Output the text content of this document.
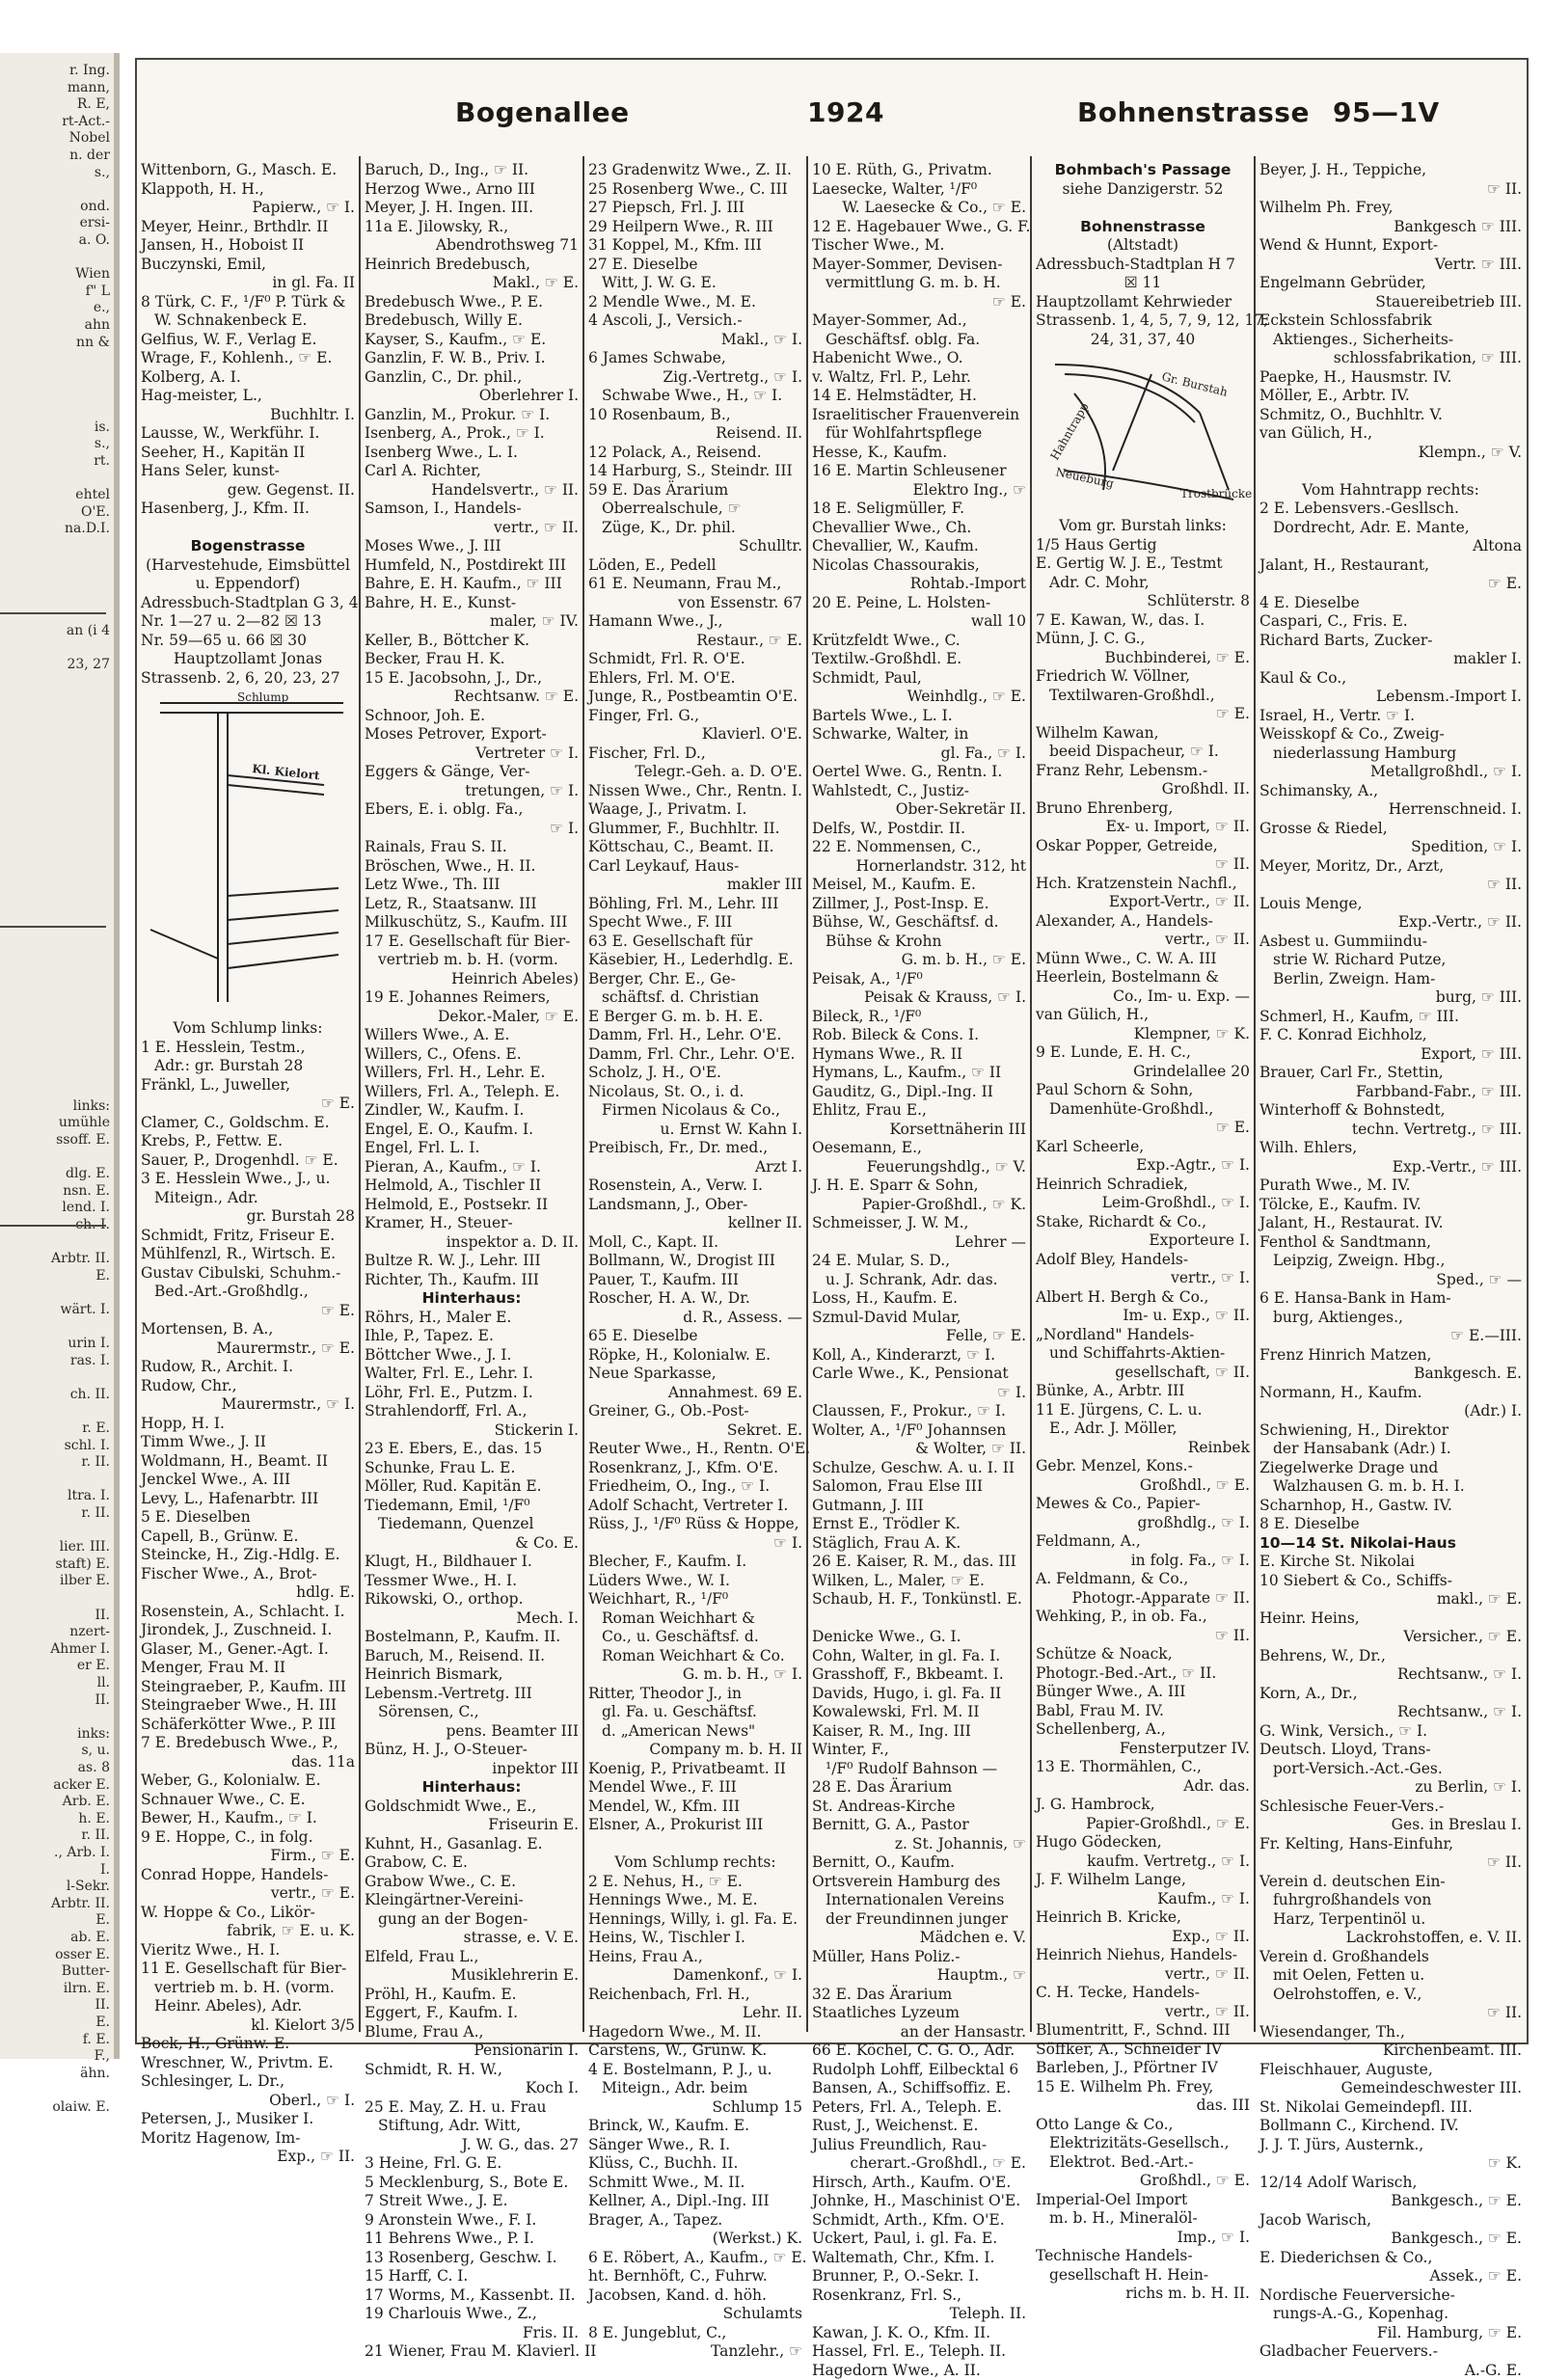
r. Ing.
mann,
R. E,
rt-Act.-
Nobel
n. der
s.,
ond.
ersi-
a. O.
Wien
f" L
e.,
ahn
nn &
is.
s.,
rt.
ehtel
O'E.
na.D.I.
an (i 4
23, 27
links:
umühle
ssoff. E.
dlg. E.
nsn. E.
lend. I.
ch. I.
Arbtr. II.
E.
wärt. I.
urin I.
ras. I.
ch. II.
r. E.
schl. I.
r. II.
ltra. I.
r. II.
lier. III.
staft) E.
ilber E.
II.
nzert-
Ahmer I.
er E.
ll.
II.
inks:
s, u.
as. 8
acker E.
Arb. E.
h. E.
r. II.
., Arb. I.
I.
l-Sekr.
Arbtr. II.
E.
ab. E.
osser E.
Butter-
ilrn. E.
II.
E.
f. E.
F.,
ähn.
olaiw. E.
Bogenallee	1924	Bohnenstrasse 95—1V
Wittenborn, G., Masch. E.
Klappoth, H. H.,
Papierw., ☞ I.
Meyer, Heinr., Brthdlr. II
Jansen, H., Hoboist II
Buczynski, Emil,
in gl. Fa. II
8 Türk, C. F., ¹/F⁰ P. Türk &
W. Schnakenbeck E.
Gelfius, W. F., Verlag E.
Wrage, F., Kohlenh., ☞ E.
Kolberg, A. I.
Hag-meister, L.,
Buchhltr. I.
Lausse, W., Werkführ. I.
Seeher, H., Kapitän II
Hans Seler, kunst-
gew. Gegenst. II.
Hasenberg, J., Kfm. II.

Bogenstrasse
(Harvestehude, Eimsbüttel
u. Eppendorf)
Adressbuch-Stadtplan G 3, 4
Nr. 1—27 u. 2—82 ☒ 13
Nr. 59—65 u. 66 ☒ 30
Hauptzollamt Jonas
Strassenb. 2, 6, 20, 23, 27
Schlump
Kl. Kielort
Vom Schlump links:
1 E. Hesslein, Testm.,
Adr.: gr. Burstah 28
Fränkl, L., Juweller,
☞ E.
Clamer, C., Goldschm. E.
Krebs, P., Fettw. E.
Sauer, P., Drogenhdl. ☞ E.
3 E. Hesslein Wwe., J., u.
Miteign., Adr.
gr. Burstah 28
Schmidt, Fritz, Friseur E.
Mühlfenzl, R., Wirtsch. E.
Gustav Cibulski, Schuhm.-
Bed.-Art.-Großhdlg.,
☞ E.
Mortensen, B. A.,
Maurermstr., ☞ E.
Rudow, R., Archit. I.
Rudow, Chr.,
Maurermstr., ☞ I.
Hopp, H. I.
Timm Wwe., J. II
Woldmann, H., Beamt. II
Jenckel Wwe., A. III
Levy, L., Hafenarbtr. III
5 E. Dieselben
Capell, B., Grünw. E.
Steincke, H., Zig.-Hdlg. E.
Fischer Wwe., A., Brot-
hdlg. E.
Rosenstein, A., Schlacht. I.
Jirondek, J., Zuschneid. I.
Glaser, M., Gener.-Agt. I.
Menger, Frau M. II
Steingraeber, P., Kaufm. III
Steingraeber Wwe., H. III
Schäferkötter Wwe., P. III
7 E. Bredebusch Wwe., P.,
das. 11a
Weber, G., Kolonialw. E.
Schnauer Wwe., C. E.
Bewer, H., Kaufm., ☞ I.
9 E. Hoppe, C., in folg.
Firm., ☞ E.
Conrad Hoppe, Handels-
vertr., ☞ E.
W. Hoppe & Co., Likör-
fabrik, ☞ E. u. K.
Vieritz Wwe., H. I.
11 E. Gesellschaft für Bier-
vertrieb m. b. H. (vorm.
Heinr. Abeles), Adr.
kl. Kielort 3/5
Bock, H., Grünw. E.
Wreschner, W., Privtm. E.
Schlesinger, L. Dr.,
Oberl., ☞ I.
Petersen, J., Musiker I.
Moritz Hagenow, Im-
Exp., ☞ II.
Baruch, D., Ing., ☞ II.
Herzog Wwe., Arno III
Meyer, J. H. Ingen. III.
11a E. Jilowsky, R.,
Abendrothsweg 71
Heinrich Bredebusch,
Makl., ☞ E.
Bredebusch Wwe., P. E.
Bredebusch, Willy E.
Kayser, S., Kaufm., ☞ E.
Ganzlin, F. W. B., Priv. I.
Ganzlin, C., Dr. phil.,
Oberlehrer I.
Ganzlin, M., Prokur. ☞ I.
Isenberg, A., Prok., ☞ I.
Isenberg Wwe., L. I.
Carl A. Richter,
Handelsvertr., ☞ II.
Samson, I., Handels-
vertr., ☞ II.
Moses Wwe., J. III
Humfeld, N., Postdirekt III
Bahre, E. H. Kaufm., ☞ III
Bahre, H. E., Kunst-
maler, ☞ IV.
Keller, B., Böttcher K.
Becker, Frau H. K.
15 E. Jacobsohn, J., Dr.,
Rechtsanw. ☞ E.
Schnoor, Joh. E.
Moses Petrover, Export-
Vertreter ☞ I.
Eggers & Gänge, Ver-
tretungen, ☞ I.
Ebers, E. i. oblg. Fa.,
☞ I.
Rainals, Frau S. II.
Bröschen, Wwe., H. II.
Letz Wwe., Th. III
Letz, R., Staatsanw. III
Milkuschütz, S., Kaufm. III
17 E. Gesellschaft für Bier-
vertrieb m. b. H. (vorm.
Heinrich Abeles)
19 E. Johannes Reimers,
Dekor.-Maler, ☞ E.
Willers Wwe., A. E.
Willers, C., Ofens. E.
Willers, Frl. H., Lehr. E.
Willers, Frl. A., Teleph. E.
Zindler, W., Kaufm. I.
Engel, E. O., Kaufm. I.
Engel, Frl. L. I.
Pieran, A., Kaufm., ☞ I.
Helmold, A., Tischler II
Helmold, E., Postsekr. II
Kramer, H., Steuer-
inspektor a. D. II.
Bultze R. W. J., Lehr. III
Richter, Th., Kaufm. III
Hinterhaus:
Röhrs, H., Maler E.
Ihle, P., Tapez. E.
Böttcher Wwe., J. I.
Walter, Frl. E., Lehr. I.
Löhr, Frl. E., Putzm. I.
Strahlendorff, Frl. A.,
Stickerin I.
23 E. Ebers, E., das. 15
Schunke, Frau L. E.
Möller, Rud. Kapitän E.
Tiedemann, Emil, ¹/F⁰
Tiedemann, Quenzel
& Co. E.
Klugt, H., Bildhauer I.
Tessmer Wwe., H. I.
Rikowski, O., orthop.
Mech. I.
Bostelmann, P., Kaufm. II.
Baruch, M., Reisend. II.
Heinrich Bismark,
Lebensm.-Vertretg. III
Sörensen, C.,
pens. Beamter III
Bünz, H. J., O-Steuer-
inpektor III
Hinterhaus:
Goldschmidt Wwe., E.,
Friseurin E.
Kuhnt, H., Gasanlag. E.
Grabow, C. E.
Grabow Wwe., C. E.
Kleingärtner-Vereini-
gung an der Bogen-
strasse, e. V. E.
Elfeld, Frau L.,
Musiklehrerin E.
Pröhl, H., Kaufm. E.
Eggert, F., Kaufm. I.
Blume, Frau A.,
Pensionärin I.
Schmidt, R. H. W.,
Koch I.
25 E. May, Z. H. u. Frau
Stiftung, Adr. Witt,
J. W. G., das. 27
3 Heine, Frl. G. E.
5 Mecklenburg, S., Bote E.
7 Streit Wwe., J. E.
9 Aronstein Wwe., F. I.
11 Behrens Wwe., P. I.
13 Rosenberg, Geschw. I.
15 Harff, C. I.
17 Worms, M., Kassenbt. II.
19 Charlouis Wwe., Z.,
Fris. II.
21 Wiener, Frau M. Klavierl. II
23 Gradenwitz Wwe., Z. II.
25 Rosenberg Wwe., C. III
27 Piepsch, Frl. J. III
29 Heilpern Wwe., R. III
31 Koppel, M., Kfm. III
27 E. Dieselbe
Witt, J. W. G. E.
2 Mendle Wwe., M. E.
4 Ascoli, J., Versich.-
Makl., ☞ I.
6 James Schwabe,
Zig.-Vertretg., ☞ I.
Schwabe Wwe., H., ☞ I.
10 Rosenbaum, B.,
Reisend. II.
12 Polack, A., Reisend.
14 Harburg, S., Steindr. III
59 E. Das Ärarium
Oberrealschule, ☞
Züge, K., Dr. phil.
Schulltr.
Löden, E., Pedell
61 E. Neumann, Frau M.,
von Essenstr. 67
Hamann Wwe., J.,
Restaur., ☞ E.
Schmidt, Frl. R. O'E.
Ehlers, Frl. M. O'E.
Junge, R., Postbeamtin O'E.
Finger, Frl. G.,
Klavierl. O'E.
Fischer, Frl. D.,
Telegr.-Geh. a. D. O'E.
Nissen Wwe., Chr., Rentn. I.
Waage, J., Privatm. I.
Glummer, F., Buchhltr. II.
Köttschau, C., Beamt. II.
Carl Leykauf, Haus-
makler III
Böhling, Frl. M., Lehr. III
Specht Wwe., F. III
63 E. Gesellschaft für
Käsebier, H., Lederhdlg. E.
Berger, Chr. E., Ge-
schäftsf. d. Christian
E Berger G. m. b. H. E.
Damm, Frl. H., Lehr. O'E.
Damm, Frl. Chr., Lehr. O'E.
Scholz, J. H., O'E.
Nicolaus, St. O., i. d.
Firmen Nicolaus & Co.,
u. Ernst W. Kahn I.
Preibisch, Fr., Dr. med.,
Arzt I.
Rosenstein, A., Verw. I.
Landsmann, J., Ober-
kellner II.
Moll, C., Kapt. II.
Bollmann, W., Drogist III
Pauer, T., Kaufm. III
Roscher, H. A. W., Dr.
d. R., Assess. —
65 E. Dieselbe
Röpke, H., Kolonialw. E.
Neue Sparkasse,
Annahmest. 69 E.
Greiner, G., Ob.-Post-
Sekret. E.
Reuter Wwe., H., Rentn. O'E.
Rosenkranz, J., Kfm. O'E.
Friedheim, O., Ing., ☞ I.
Adolf Schacht, Vertreter I.
Rüss, J., ¹/F⁰ Rüss & Hoppe,
☞ I.
Blecher, F., Kaufm. I.
Lüders Wwe., W. I.
Weichhart, R., ¹/F⁰
Roman Weichhart &
Co., u. Geschäftsf. d.
Roman Weichhart & Co.
G. m. b. H., ☞ I.
Ritter, Theodor J., in
gl. Fa. u. Geschäftsf.
d. „American News"
Company m. b. H. II
Koenig, P., Privatbeamt. II
Mendel Wwe., F. III
Mendel, W., Kfm. III
Elsner, A., Prokurist III

Vom Schlump rechts:
2 E. Nehus, H., ☞ E.
Hennings Wwe., M. E.
Hennings, Willy, i. gl. Fa. E.
Heins, W., Tischler I.
Heins, Frau A.,
Damenkonf., ☞ I.
Reichenbach, Frl. H.,
Lehr. II.
Hagedorn Wwe., M. II.
Carstens, W., Grünw. K.
4 E. Bostelmann, P. J., u.
Miteign., Adr. beim
Schlump 15
Brinck, W., Kaufm. E.
Sänger Wwe., R. I.
Klüss, C., Buchh. II.
Schmitt Wwe., M. II.
Kellner, A., Dipl.-Ing. III
Brager, A., Tapez.
(Werkst.) K.
6 E. Röbert, A., Kaufm., ☞ E.
ht. Bernhöft, C., Fuhrw.
Jacobsen, Kand. d. höh.
Schulamts
8 E. Jungeblut, C.,
Tanzlehr., ☞
10 E. Rüth, G., Privatm.
Laesecke, Walter, ¹/F⁰
W. Laesecke & Co., ☞ E.
12 E. Hagebauer Wwe., G. F.
Tischer Wwe., M.
Mayer-Sommer, Devisen-
vermittlung G. m. b. H.
☞ E.
Mayer-Sommer, Ad.,
Geschäftsf. oblg. Fa.
Habenicht Wwe., O.
v. Waltz, Frl. P., Lehr.
14 E. Helmstädter, H.
Israelitischer Frauenverein
für Wohlfahrtspflege
Hesse, K., Kaufm.
16 E. Martin Schleusener
Elektro Ing., ☞
18 E. Seligmüller, F.
Chevallier Wwe., Ch.
Chevallier, W., Kaufm.
Nicolas Chassourakis,
Rohtab.-Import
20 E. Peine, L. Holsten-
wall 10
Krützfeldt Wwe., C.
Textilw.-Großhdl. E.
Schmidt, Paul,
Weinhdlg., ☞ E.
Bartels Wwe., L. I.
Schwarke, Walter, in
gl. Fa., ☞ I.
Oertel Wwe. G., Rentn. I.
Wahlstedt, C., Justiz-
Ober-Sekretär II.
Delfs, W., Postdir. II.
22 E. Nommensen, C.,
Hornerlandstr. 312, ht
Meisel, M., Kaufm. E.
Zillmer, J., Post-Insp. E.
Bühse, W., Geschäftsf. d.
Bühse & Krohn
G. m. b. H., ☞ E.
Peisak, A., ¹/F⁰
Peisak & Krauss, ☞ I.
Bileck, R., ¹/F⁰
Rob. Bileck & Cons. I.
Hymans Wwe., R. II
Hymans, L., Kaufm., ☞ II
Gauditz, G., Dipl.-Ing. II
Ehlitz, Frau E.,
Korsettnäherin III
Oesemann, E.,
Feuerungshdlg., ☞ V.
J. H. E. Sparr & Sohn,
Papier-Großhdl., ☞ K.
Schmeisser, J. W. M.,
Lehrer —
24 E. Mular, S. D.,
u. J. Schrank, Adr. das.
Loss, H., Kaufm. E.
Szmul-David Mular,
Felle, ☞ E.
Koll, A., Kinderarzt, ☞ I.
Carle Wwe., K., Pensionat
☞ I.
Claussen, F., Prokur., ☞ I.
Wolter, A., ¹/F⁰ Johannsen
& Wolter, ☞ II.
Schulze, Geschw. A. u. I. II
Salomon, Frau Else III
Gutmann, J. III
Ernst E., Trödler K.
Stäglich, Frau A. K.
26 E. Kaiser, R. M., das. III
Wilken, L., Maler, ☞ E.
Schaub, H. F., Tonkünstl. E.

Denicke Wwe., G. I.
Cohn, Walter, in gl. Fa. I.
Grasshoff, F., Bkbeamt. I.
Davids, Hugo, i. gl. Fa. II
Kowalewski, Frl. M. II
Kaiser, R. M., Ing. III
Winter, F.,
¹/F⁰ Rudolf Bahnson —
28 E. Das Ärarium
St. Andreas-Kirche
Bernitt, G. A., Pastor
z. St. Johannis, ☞
Bernitt, O., Kaufm.
Ortsverein Hamburg des
Internationalen Vereins
der Freundinnen junger
Mädchen e. V.
Müller, Hans Poliz.-
Hauptm., ☞
32 E. Das Ärarium
Staatliches Lyzeum
an der Hansastr.
66 E. Köchel, C. G. O., Adr.
Rudolph Lohff, Eilbecktal 6
Bansen, A., Schiffsoffiz. E.
Peters, Frl. A., Teleph. E.
Rust, J., Weichenst. E.
Julius Freundlich, Rau-
cherart.-Großhdl., ☞ E.
Hirsch, Arth., Kaufm. O'E.
Johnke, H., Maschinist O'E.
Schmidt, Arth., Kfm. O'E.
Uckert, Paul, i. gl. Fa. E.
Waltemath, Chr., Kfm. I.
Brunner, P., O.-Sekr. I.
Rosenkranz, Frl. S.,
Teleph. II.
Kawan, J. K. O., Kfm. II.
Hassel, Frl. E., Teleph. II.
Hagedorn Wwe., A. II.
Bohmbach's Passage
siehe Danzigerstr. 52

Bohnenstrasse
(Altstadt)
Adressbuch-Stadtplan H 7
☒ 11
Hauptzollamt Kehrwieder
Strassenb. 1, 4, 5, 7, 9, 12, 17,
24, 31, 37, 40
Gr. Burstah
Hahntrapp
Neueburg
Trostbrücke
Vom gr. Burstah links:
1/5 Haus Gertig
E. Gertig W. J. E., Testmt
Adr. C. Mohr,
Schlüterstr. 8
7 E. Kawan, W., das. I.
Münn, J. C. G.,
Buchbinderei, ☞ E.
Friedrich W. Völlner,
Textilwaren-Großhdl.,
☞ E.
Wilhelm Kawan,
beeid Dispacheur, ☞ I.
Franz Rehr, Lebensm.-
Großhdl. II.
Bruno Ehrenberg,
Ex- u. Import, ☞ II.
Oskar Popper, Getreide,
☞ II.
Hch. Kratzenstein Nachfl.,
Export-Vertr., ☞ II.
Alexander, A., Handels-
vertr., ☞ II.
Münn Wwe., C. W. A. III
Heerlein, Bostelmann &
Co., Im- u. Exp. —
van Gülich, H.,
Klempner, ☞ K.
9 E. Lunde, E. H. C.,
Grindelallee 20
Paul Schorn & Sohn,
Damenhüte-Großhdl.,
☞ E.
Karl Scheerle,
Exp.-Agtr., ☞ I.
Heinrich Schradiek,
Leim-Großhdl., ☞ I.
Stake, Richardt & Co.,
Exporteure I.
Adolf Bley, Handels-
vertr., ☞ I.
Albert H. Bergh & Co.,
Im- u. Exp., ☞ II.
„Nordland" Handels-
und Schiffahrts-Aktien-
gesellschaft, ☞ II.
Bünke, A., Arbtr. III
11 E. Jürgens, C. L. u.
E., Adr. J. Möller,
Reinbek
Gebr. Menzel, Kons.-
Großhdl., ☞ E.
Mewes & Co., Papier-
großhdlg., ☞ I.
Feldmann, A.,
in folg. Fa., ☞ I.
A. Feldmann, & Co.,
Photogr.-Apparate ☞ II.
Wehking, P., in ob. Fa.,
☞ II.
Schütze & Noack,
Photogr.-Bed.-Art., ☞ II.
Bünger Wwe., A. III
Babl, Frau M. IV.
Schellenberg, A.,
Fensterputzer IV.
13 E. Thormählen, C.,
Adr. das.
J. G. Hambrock,
Papier-Großhdl., ☞ E.
Hugo Gödecken,
kaufm. Vertretg., ☞ I.
J. F. Wilhelm Lange,
Kaufm., ☞ I.
Heinrich B. Kricke,
Exp., ☞ II.
Heinrich Niehus, Handels-
vertr., ☞ II.
C. H. Tecke, Handels-
vertr., ☞ II.
Blumentritt, F., Schnd. III
Söffker, A., Schneider IV
Barleben, J., Pförtner IV
15 E. Wilhelm Ph. Frey,
das. III
Otto Lange & Co.,
Elektrizitäts-Gesellsch.,
Elektrot. Bed.-Art.-
Großhdl., ☞ E.
Imperial-Oel Import
m. b. H., Mineralöl-
Imp., ☞ I.
Technische Handels-
gesellschaft H. Hein-
richs m. b. H. II.
Beyer, J. H., Teppiche,
☞ II.
Wilhelm Ph. Frey,
Bankgesch ☞ III.
Wend & Hunnt, Export-
Vertr. ☞ III.
Engelmann Gebrüder,
Stauereibetrieb III.
Eckstein Schlossfabrik
Aktienges., Sicherheits-
schlossfabrikation, ☞ III.
Paepke, H., Hausmstr. IV.
Möller, E., Arbtr. IV.
Schmitz, O., Buchhltr. V.
van Gülich, H.,
Klempn., ☞ V.

Vom Hahntrapp rechts:
2 E. Lebensvers.-Gesllsch.
Dordrecht, Adr. E. Mante,
Altona
Jalant, H., Restaurant,
☞ E.
4 E. Dieselbe
Caspari, C., Fris. E.
Richard Barts, Zucker-
makler I.
Kaul & Co.,
Lebensm.-Import I.
Israel, H., Vertr. ☞ I.
Weisskopf & Co., Zweig-
niederlassung Hamburg
Metallgroßhdl., ☞ I.
Schimansky, A.,
Herrenschneid. I.
Grosse & Riedel,
Spedition, ☞ I.
Meyer, Moritz, Dr., Arzt,
☞ II.
Louis Menge,
Exp.-Vertr., ☞ II.
Asbest u. Gummiindu-
strie W. Richard Putze,
Berlin, Zweign. Ham-
burg, ☞ III.
Schmerl, H., Kaufm, ☞ III.
F. C. Konrad Eichholz,
Export, ☞ III.
Brauer, Carl Fr., Stettin,
Farbband-Fabr., ☞ III.
Winterhoff & Bohnstedt,
techn. Vertretg., ☞ III.
Wilh. Ehlers,
Exp.-Vertr., ☞ III.
Purath Wwe., M. IV.
Tölcke, E., Kaufm. IV.
Jalant, H., Restaurat. IV.
Fenthol & Sandtmann,
Leipzig, Zweign. Hbg.,
Sped., ☞ —
6 E. Hansa-Bank in Ham-
burg, Aktienges.,
☞ E.—III.
Frenz Hinrich Matzen,
Bankgesch. E.
Normann, H., Kaufm.
(Adr.) I.
Schwiening, H., Direktor
der Hansabank (Adr.) I.
Ziegelwerke Drage und
Walzhausen G. m. b. H. I.
Scharnhop, H., Gastw. IV.
8 E. Dieselbe
10—14 St. Nikolai-Haus
E. Kirche St. Nikolai
10 Siebert & Co., Schiffs-
makl., ☞ E.
Heinr. Heins,
Versicher., ☞ E.
Behrens, W., Dr.,
Rechtsanw., ☞ I.
Korn, A., Dr.,
Rechtsanw., ☞ I.
G. Wink, Versich., ☞ I.
Deutsch. Lloyd, Trans-
port-Versich.-Act.-Ges.
zu Berlin, ☞ I.
Schlesische Feuer-Vers.-
Ges. in Breslau I.
Fr. Kelting, Hans-Einfuhr,
☞ II.
Verein d. deutschen Ein-
fuhrgroßhandels von
Harz, Terpentinöl u.
Lackrohstoffen, e. V. II.
Verein d. Großhandels
mit Oelen, Fetten u.
Oelrohstoffen, e. V.,
☞ II.
Wiesendanger, Th.,
Kirchenbeamt. III.
Fleischhauer, Auguste,
Gemeindeschwester III.
St. Nikolai Gemeindepfl. III.
Bollmann C., Kirchend. IV.
J. J. T. Jürs, Austernk.,
☞ K.
12/14 Adolf Warisch,
Bankgesch., ☞ E.
Jacob Warisch,
Bankgesch., ☞ E.
E. Diederichsen & Co.,
Assek., ☞ E.
Nordische Feuerversiche-
rungs-A.-G., Kopenhag.
Fil. Hamburg, ☞ E.
Gladbacher Feuervers.-
A.-G. E.
